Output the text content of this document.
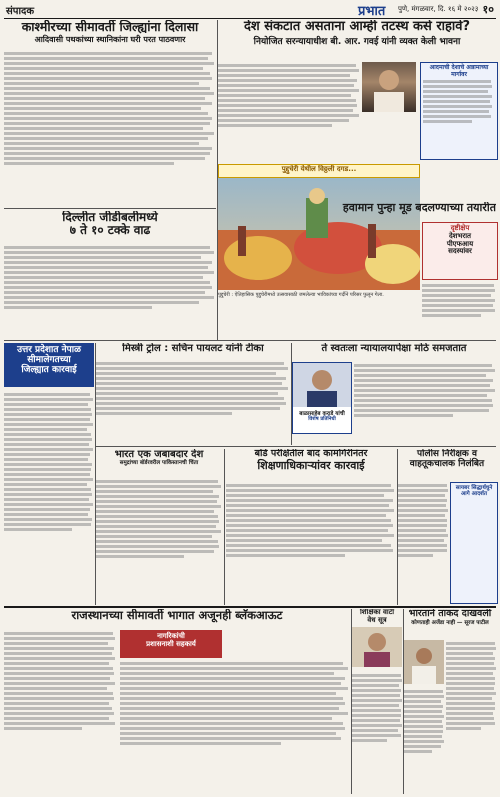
संपादक	प्रभात पुणे, मंगळवार, दि. १६ मे २०२३ १०
काश्मीरच्या सीमावर्ती जिल्ह्यांना दिलासा
आदिवासी पथकांच्या स्थानिकांना घरी परत पाठवणार
दिल्लीत जीडीबलीमध्ये
७ ते १० टक्के वाढ
उत्तर प्रदेशात नेपाळ
सीमालेगतच्या
जिल्ह्यात कारवाई
देश संकटात असताना आम्ही तटस्थ कसे राहावे?
नियोजित सरन्यायाधीश बी. आर. गवई यांनी व्यक्त केली भावना
आदमाची देशाचे अन्नामाच्या मार्गावर
पुद्दुचेरी येथील विठ्ठली दगड...
पुद्दुचेरी : ऐतिहासिक पुद्दुचेरीमध्ये उत्सवासाठी जमलेल्या भाविकांच्या गर्दीने परिसर फुलून गेला.
हवामान पुन्हा मूड बदलण्याच्या तयारीत
दृष्टीक्षेप
देशभरात
पीएफआय
सदस्यांवर
मिस्त्री ट्रोल : सचिन पायलट यांनी टीका	ते स्वतःला न्यायालयापेक्षा मोठे समजतात
बाळासाहेब कराडे यांची
विशेष प्रतिनिधी
भारत एक जबाबदार देश
समुद्रांच्या बॉर्डरवरील पाकिस्तानची चिंता
बोर्ड परीक्षेतील बाद कामगिरीनंतर
शिक्षणाधिकाऱ्यांवर कारवाई
पोलीस निरीक्षक व
वाहतूकचालक निलंबित
सायबर सिद्धार्थधुने
आगे आदर्शत
राजस्थानच्या सीमावर्ती भागात अजूनही ब्लॅकआऊट
नागरिकांची
प्रशासनाशी सहकार्य
शिक्षिका वाटी
वेध सूत्र
भारताने ताकद दाखवली
कोणताही अजेंडा नाही — सूरज पाटील
